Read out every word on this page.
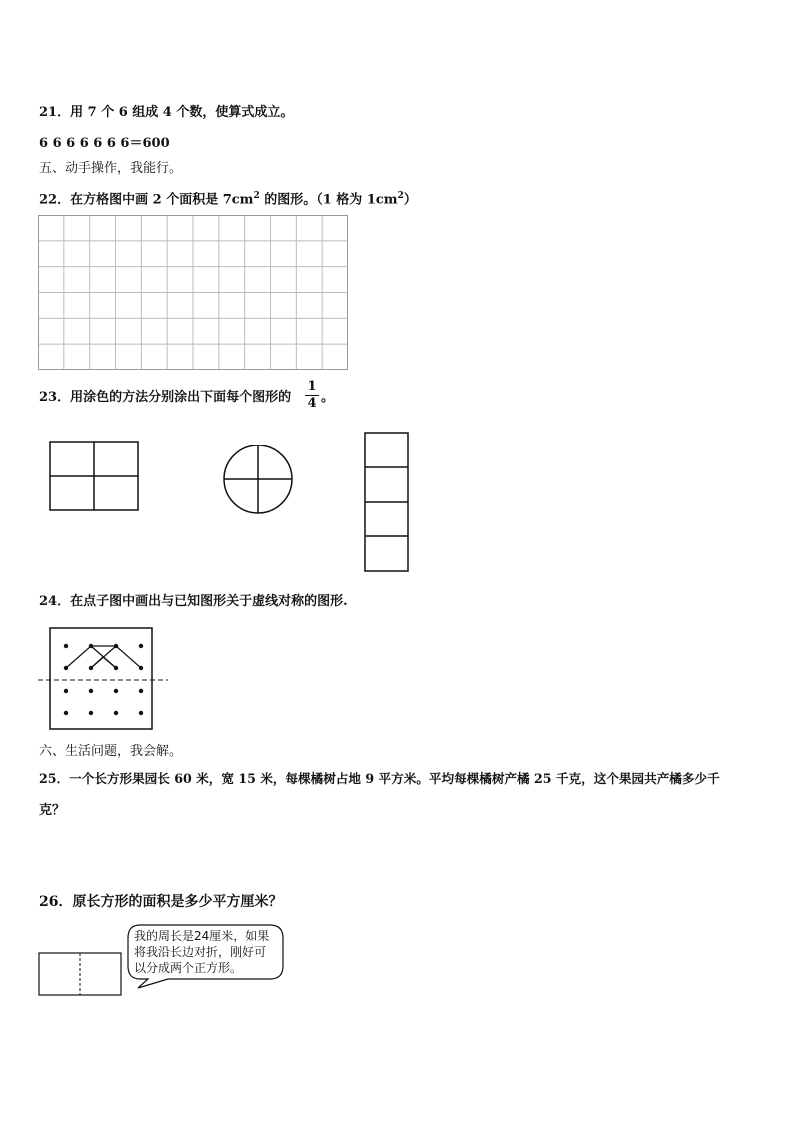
21．用 7 个 6 组成 4 个数，使算式成立。
6 6 6 6 6 6 6＝600
五、动手操作，我能行。
22．在方格图中画 2 个面积是 $7cm^2$ 的图形。（1 格为 $1cm^2$）
23．用涂色的方法分别涂出下面每个图形的
1
4 。
24．在点子图中画出与已知图形关于虚线对称的图形.
六、生活问题，我会解。
25．一个长方形果园长 60 米，宽 15 米，每棵橘树占地 9 平方米。平均每棵橘树产橘 25 千克，这个果园共产橘多少千
克？
26．原长方形的面积是多少平方厘米？
我的周长是24厘米，如果
将我沿长边对折，刚好可
以分成两个正方形。
